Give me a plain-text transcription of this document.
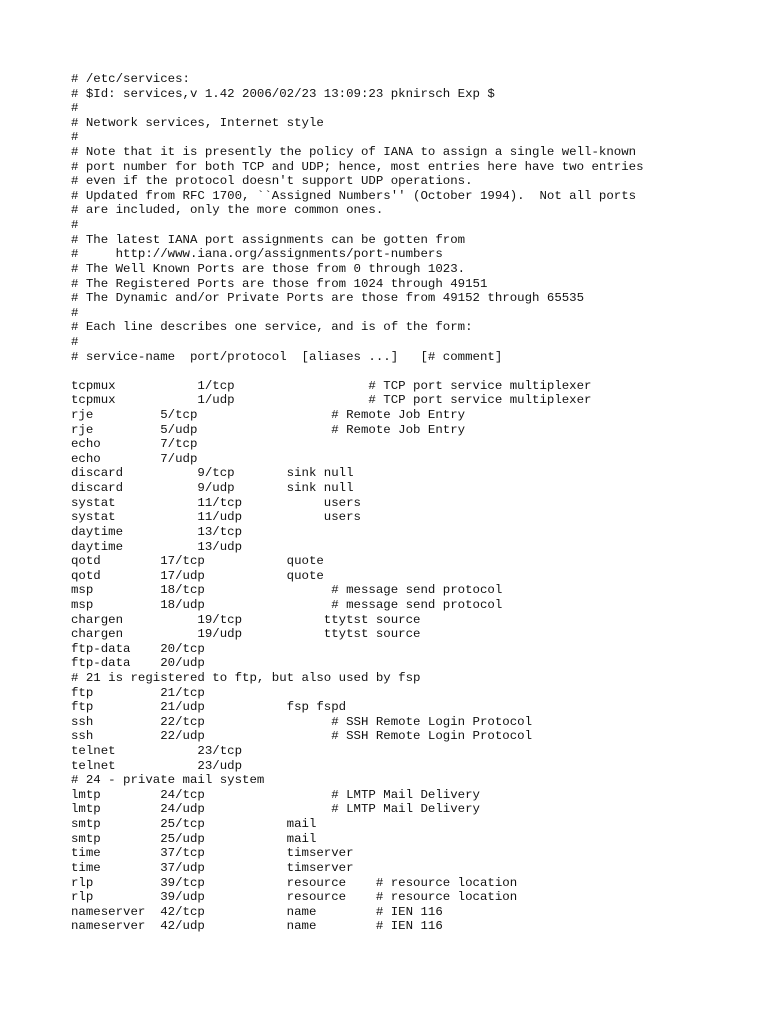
# /etc/services:
# $Id: services,v 1.42 2006/02/23 13:09:23 pknirsch Exp $
#
# Network services, Internet style
#
# Note that it is presently the policy of IANA to assign a single well-known
# port number for both TCP and UDP; hence, most entries here have two entries
# even if the protocol doesn't support UDP operations.
# Updated from RFC 1700, ``Assigned Numbers'' (October 1994).  Not all ports
# are included, only the more common ones.
#
# The latest IANA port assignments can be gotten from
#     http://www.iana.org/assignments/port-numbers
# The Well Known Ports are those from 0 through 1023.
# The Registered Ports are those from 1024 through 49151
# The Dynamic and/or Private Ports are those from 49152 through 65535
#
# Each line describes one service, and is of the form:
#
# service-name  port/protocol  [aliases ...]   [# comment]
tcpmux           1/tcp                  # TCP port service multiplexer
tcpmux           1/udp                  # TCP port service multiplexer
rje         5/tcp                  # Remote Job Entry
rje         5/udp                  # Remote Job Entry
echo        7/tcp
echo        7/udp
discard          9/tcp       sink null
discard          9/udp       sink null
systat           11/tcp           users
systat           11/udp           users
daytime          13/tcp
daytime          13/udp
qotd        17/tcp           quote
qotd        17/udp           quote
msp         18/tcp                 # message send protocol
msp         18/udp                 # message send protocol
chargen          19/tcp           ttytst source
chargen          19/udp           ttytst source
ftp-data    20/tcp
ftp-data    20/udp
# 21 is registered to ftp, but also used by fsp
ftp         21/tcp
ftp         21/udp           fsp fspd
ssh         22/tcp                 # SSH Remote Login Protocol
ssh         22/udp                 # SSH Remote Login Protocol
telnet           23/tcp
telnet           23/udp
# 24 - private mail system
lmtp        24/tcp                 # LMTP Mail Delivery
lmtp        24/udp                 # LMTP Mail Delivery
smtp        25/tcp           mail
smtp        25/udp           mail
time        37/tcp           timserver
time        37/udp           timserver
rlp         39/tcp           resource    # resource location
rlp         39/udp           resource    # resource location
nameserver  42/tcp           name        # IEN 116
nameserver  42/udp           name        # IEN 116
